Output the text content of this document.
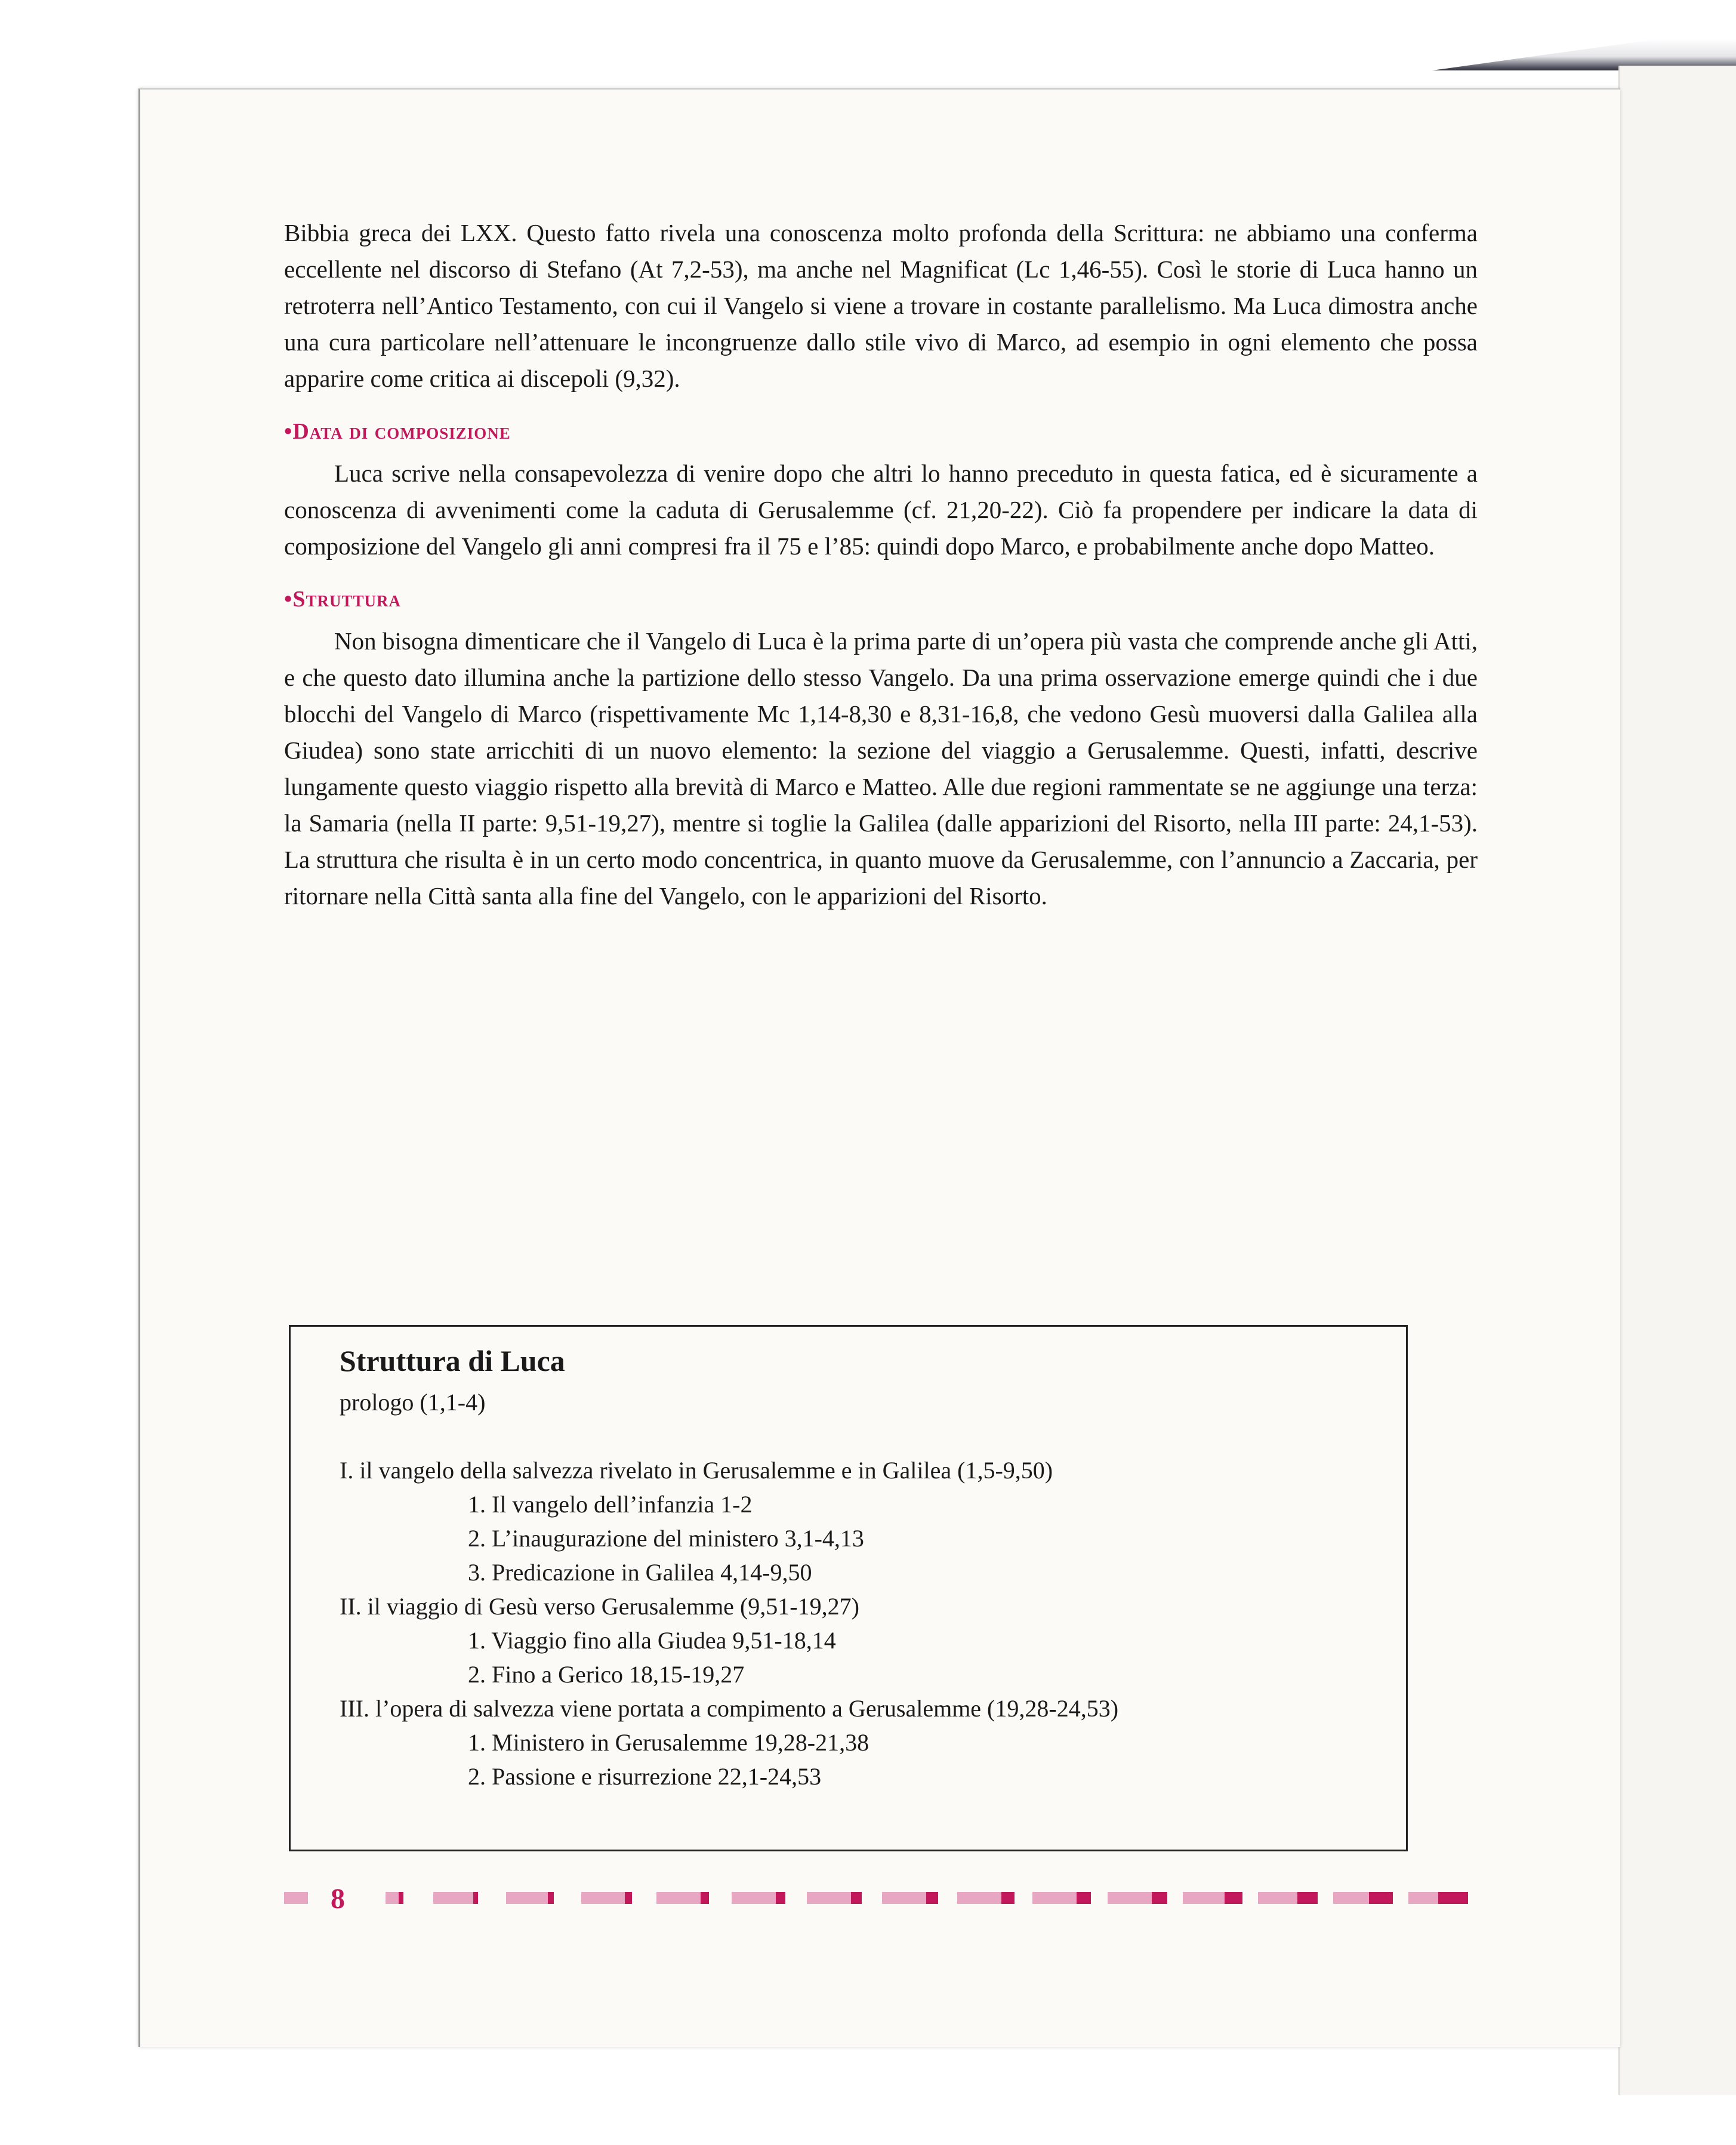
Bibbia greca dei LXX. Questo fatto rivela una conoscenza molto profonda della Scrittura: ne abbiamo una conferma eccellente nel discorso di Stefano (At 7,2-53), ma anche nel Magnificat (Lc 1,46-55). Così le storie di Luca hanno un retroterra nell’Antico Testamento, con cui il Vangelo si viene a trovare in costante parallelismo. Ma Luca dimostra anche una cura particolare nell’attenuare le incongruenze dallo stile vivo di Marco, ad esempio in ogni elemento che possa apparire come critica ai discepoli (9,32).

•Data di composizione

Luca scrive nella consapevolezza di venire dopo che altri lo hanno preceduto in questa fatica, ed è sicuramente a conoscenza di avvenimenti come la caduta di Gerusalemme (cf. 21,20-22). Ciò fa propendere per indicare la data di composizione del Vangelo gli anni compresi fra il 75 e l’85: quindi dopo Marco, e probabilmente anche dopo Matteo.

•Struttura

Non bisogna dimenticare che il Vangelo di Luca è la prima parte di un’opera più vasta che comprende anche gli Atti, e che questo dato illumina anche la partizione dello stesso Vangelo. Da una prima osservazione emerge quindi che i due blocchi del Vangelo di Marco (rispettivamente Mc 1,14-8,30 e 8,31-16,8, che vedono Gesù muoversi dalla Galilea alla Giudea) sono state arricchiti di un nuovo elemento: la sezione del viaggio a Gerusalemme. Questi, infatti, descrive lungamente questo viaggio rispetto alla brevità di Marco e Matteo. Alle due regioni rammentate se ne aggiunge una terza: la Samaria (nella II parte: 9,51-19,27), mentre si toglie la Galilea (dalle apparizioni del Risorto, nella III parte: 24,1-53). La struttura che risulta è in un certo modo concentrica, in quanto muove da Gerusalemme, con l’annuncio a Zaccaria, per ritornare nella Città santa alla fine del Vangelo, con le apparizioni del Risorto.

Struttura di Luca

prologo (1,1-4)

I. il vangelo della salvezza rivelato in Gerusalemme e in Galilea (1,5-9,50)

1. Il vangelo dell’infanzia 1-2

2. L’inaugurazione del ministero 3,1-4,13

3. Predicazione in Galilea 4,14-9,50

II. il viaggio di Gesù verso Gerusalemme (9,51-19,27)

1. Viaggio fino alla Giudea 9,51-18,14

2. Fino a Gerico 18,15-19,27

III. l’opera di salvezza viene portata a compimento a Gerusalemme (19,28-24,53)

1. Ministero in Gerusalemme 19,28-21,38

2. Passione e risurrezione 22,1-24,53

8
